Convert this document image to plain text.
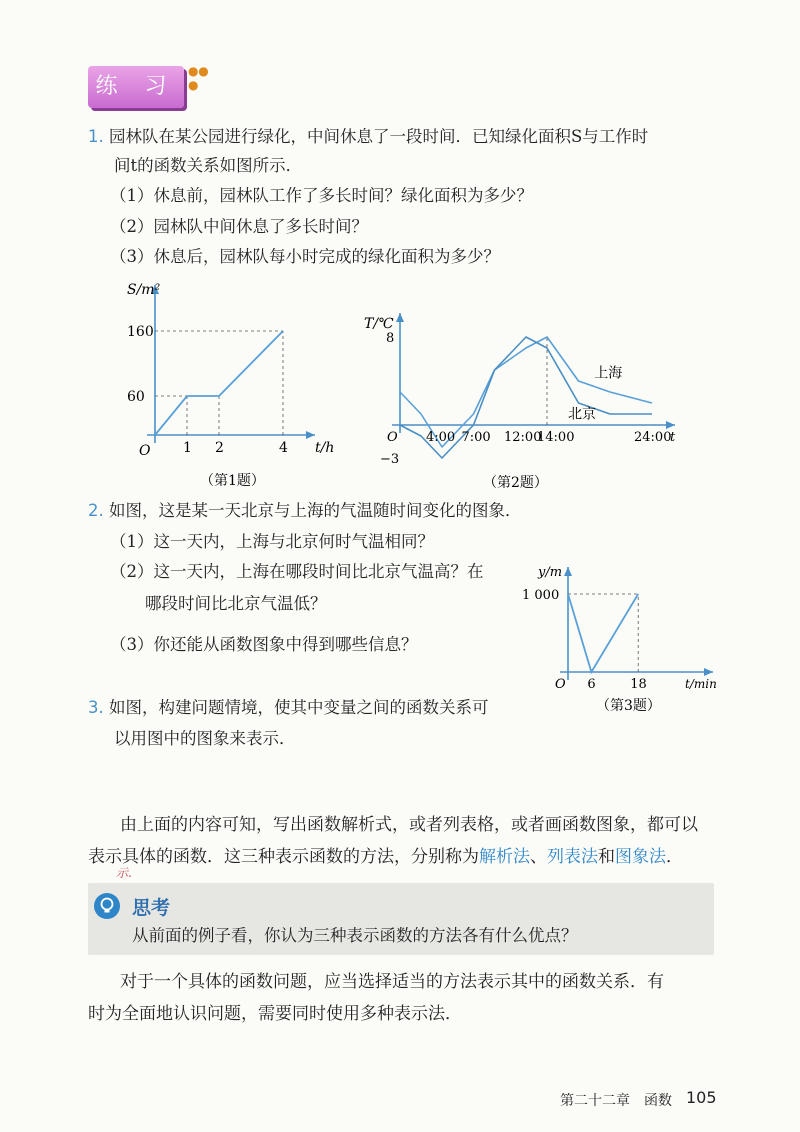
练 习
● ●
●
1. 园林队在某公园进行绿化，中间休息了一段时间．已知绿化面积S与工作时
间t的函数关系如图所示．
（1）休息前，园林队工作了多长时间？绿化面积为多少？
（2）园林队中间休息了多长时间？
（3）休息后，园林队每小时完成的绿化面积为多少？
1 2	4
60
160
O	t/h
S/m²
（第1题）
上海
北京
4:00 7:00 12:00
14:00	24:00
8
−3
O	t
T/℃
（第2题）
2. 如图，这是某一天北京与上海的气温随时间变化的图象．
（1）这一天内，上海与北京何时气温相同？
（2）这一天内，上海在哪段时间比北京气温高？在
哪段时间比北京气温低？
（3）你还能从函数图象中得到哪些信息？
6	18
1 000
O	t/min
y/m
（第3题）
3. 如图，构建问题情境，使其中变量之间的函数关系可
以用图中的图象来表示．
由上面的内容可知，写出函数解析式，或者列表格，或者画函数图象，都可以
表示具体的函数．这三种表示函数的方法，分别称为解析法、列表法和图象法．
示.
思考
从前面的例子看，你认为三种表示函数的方法各有什么优点？
对于一个具体的函数问题，应当选择适当的方法表示其中的函数关系．有
时为全面地认识问题，需要同时使用多种表示法．
第二十二章　函数 105
